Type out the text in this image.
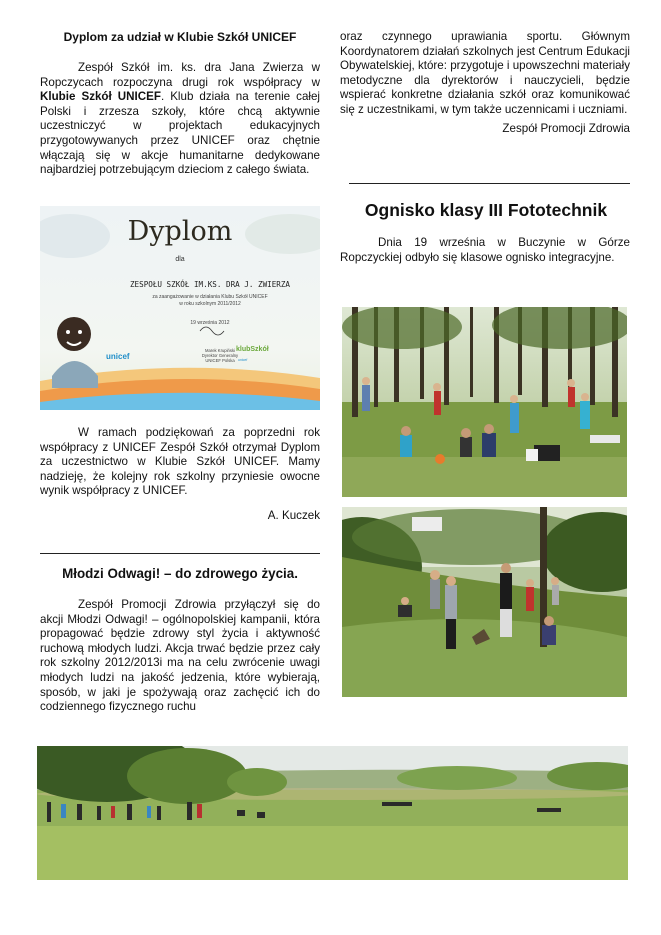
Dyplom za udział w Klubie Szkół UNICEF

Zespół Szkół im. ks. dra Jana Zwierza w Ropczycach rozpoczyna drugi rok współpracy w Klubie Szkół UNICEF. Klub działa na terenie całej Polski i zrzesza szkoły, które chcą aktywnie uczestniczyć w projektach edukacyjnych przygotowywanych przez UNICEF oraz chętnie włączają się w akcje humanitarne dedykowane najbardziej potrzebującym dzieciom z całego świata.

Dyplom
dla
ZESPOŁU SZKÓŁ IM.KS. DRA J. ZWIERZA
za zaangażowanie w działania Klubu Szkół UNICEF
w roku szkolnym 2011/2012
19 września 2012
Marek Krupiński
Dyrektor Generalny
UNICEF Polska
unicef
klubSzkół
unicef

W ramach podziękowań za poprzedni rok współpracy z UNICEF Zespół Szkół otrzymał Dyplom za uczestnictwo w Klubie Szkół UNICEF. Mamy nadzieję, że kolejny rok szkolny przyniesie owocne wynik współpracy z UNICEF.

A. Kuczek

Młodzi Odwagi! – do zdrowego życia.

Zespół Promocji Zdrowia przyłączył się do akcji Młodzi Odwagi! – ogólnopolskiej kampanii, która propagować będzie zdrowy styl życia i aktywność ruchową młodych ludzi. Akcja trwać będzie przez cały rok szkolny 2012/2013i ma na celu zwrócenie uwagi młodych ludzi na jakość jedzenia, które wybierają, sposób, w jaki je spożywają oraz zachęcić ich do codziennego fizycznego ruchu

oraz czynnego uprawiania sportu. Głównym Koordynatorem działań szkolnych jest Centrum Edukacji Obywatelskiej, które: przygotuje i upowszechni materiały metodyczne dla dyrektorów i nauczycieli, będzie wspierać konkretne działania szkół oraz komunikować się z uczestnikami, w tym także uczennicami i uczniami.

Zespół Promocji Zdrowia

Ognisko klasy III Fototechnik

Dnia 19 września w Buczynie w Górze Ropczyckiej odbyło się klasowe ognisko integracyjne.
